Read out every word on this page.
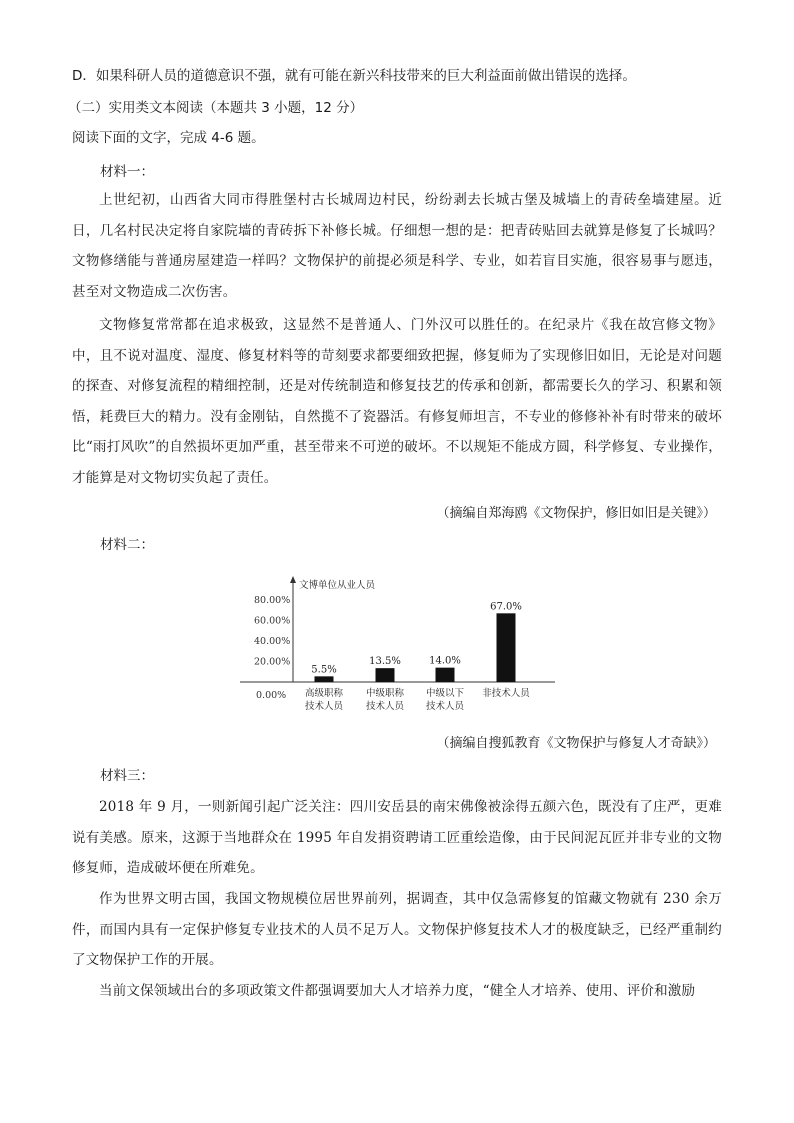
D．如果科研人员的道德意识不强，就有可能在新兴科技带来的巨大利益面前做出错误的选择。
（二）实用类文本阅读（本题共 3 小题，12 分）
阅读下面的文字，完成 4-6 题。
材料一：
上世纪初，山西省大同市得胜堡村古长城周边村民，纷纷剥去长城古堡及城墙上的青砖垒墙建屋。近日，几名村民决定将自家院墙的青砖拆下补修长城。仔细想一想的是：把青砖贴回去就算是修复了长城吗？文物修缮能与普通房屋建造一样吗？文物保护的前提必须是科学、专业，如若盲目实施，很容易事与愿违，甚至对文物造成二次伤害。
文物修复常常都在追求极致，这显然不是普通人、门外汉可以胜任的。在纪录片《我在故宫修文物》中，且不说对温度、湿度、修复材料等的苛刻要求都要细致把握，修复师为了实现修旧如旧，无论是对问题的探查、对修复流程的精细控制，还是对传统制造和修复技艺的传承和创新，都需要长久的学习、积累和领悟，耗费巨大的精力。没有金刚钻，自然揽不了瓷器活。有修复师坦言，不专业的修修补补有时带来的破坏比“雨打风吹”的自然损坏更加严重，甚至带来不可逆的破坏。不以规矩不能成方圆，科学修复、专业操作，才能算是对文物切实负起了责任。
（摘编自郑海鸥《文物保护，修旧如旧是关键》）
材料二：
文博单位从业人员
0.00%
20.00%
40.00%
60.00%
80.00%
5.5%
13.5%	14.0%
67.0%
高级职称
技术人员
中级职称
技术人员
中级以下
技术人员
非技术人员
（摘编自搜狐教育《文物保护与修复人才奇缺》）
材料三：
2018 年 9 月，一则新闻引起广泛关注：四川安岳县的南宋佛像被涂得五颜六色，既没有了庄严，更难说有美感。原来，这源于当地群众在 1995 年自发捐资聘请工匠重绘造像，由于民间泥瓦匠并非专业的文物修复师，造成破坏便在所难免。
作为世界文明古国，我国文物规模位居世界前列，据调查，其中仅急需修复的馆藏文物就有 230 余万件，而国内具有一定保护修复专业技术的人员不足万人。文物保护修复技术人才的极度缺乏，已经严重制约了文物保护工作的开展。
当前文保领域出台的多项政策文件都强调要加大人才培养力度，“健全人才培养、使用、评价和激励
